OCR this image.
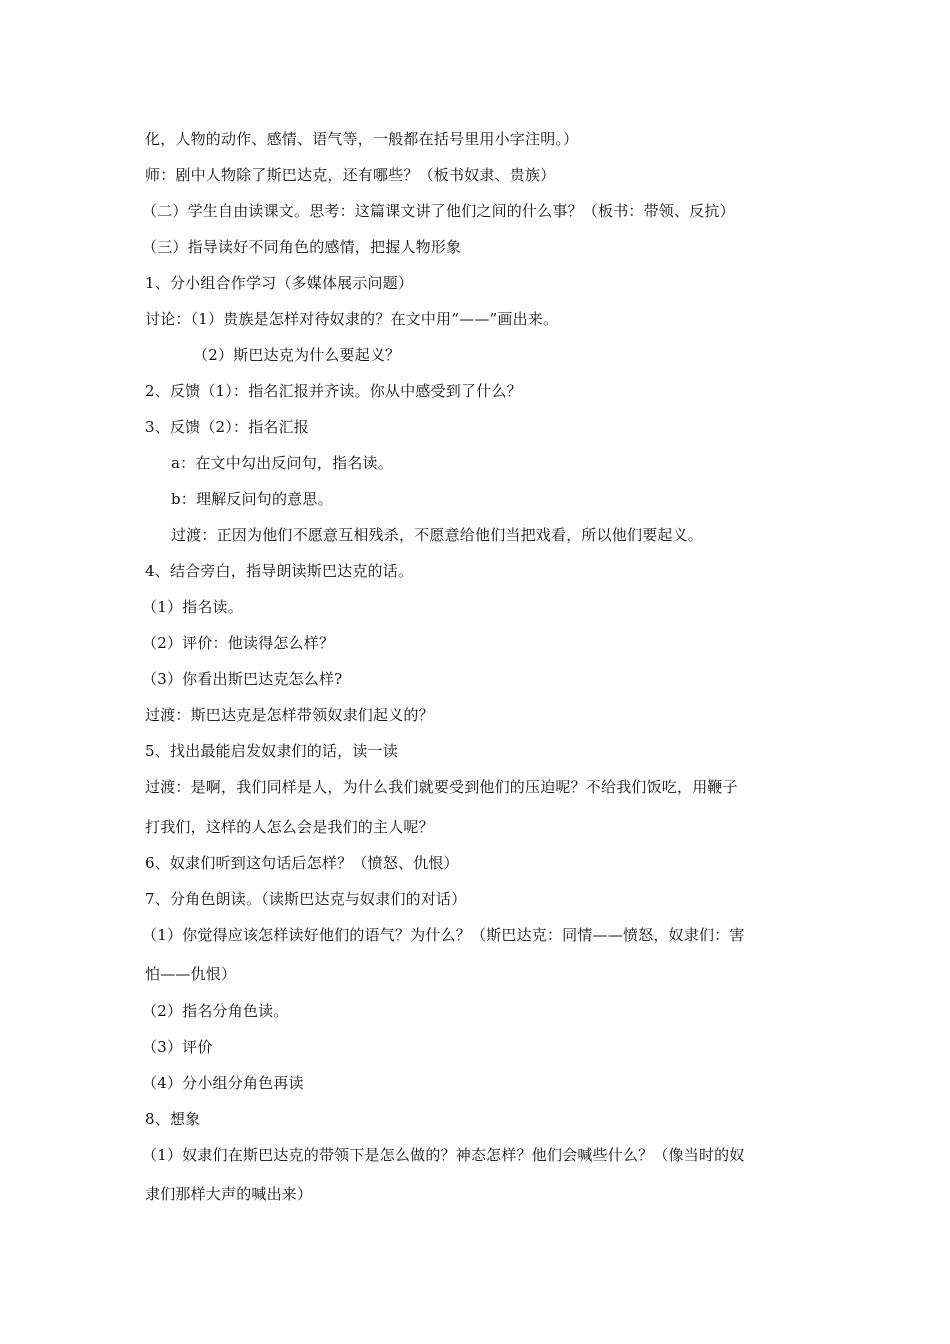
化，人物的动作、感情、语气等，一般都在括号里用小字注明。）
师：剧中人物除了斯巴达克，还有哪些？（板书奴隶、贵族）
（二）学生自由读课文。思考：这篇课文讲了他们之间的什么事？（板书：带领、反抗）
（三）指导读好不同角色的感情，把握人物形象
1、分小组合作学习（多媒体展示问题）
讨论：（1）贵族是怎样对待奴隶的？在文中用“——”画出来。
（2）斯巴达克为什么要起义？
2、反馈（1）：指名汇报并齐读。你从中感受到了什么？
3、反馈（2）：指名汇报
a：在文中勾出反问句，指名读。
b：理解反问句的意思。
过渡：正因为他们不愿意互相残杀，不愿意给他们当把戏看，所以他们要起义。
4、结合旁白，指导朗读斯巴达克的话。
（1）指名读。
（2）评价：他读得怎么样？
（3）你看出斯巴达克怎么样?
过渡：斯巴达克是怎样带领奴隶们起义的？
5、找出最能启发奴隶们的话，读一读
过渡：是啊，我们同样是人，为什么我们就要受到他们的压迫呢？不给我们饭吃，用鞭子
打我们，这样的人怎么会是我们的主人呢？
6、奴隶们听到这句话后怎样？（愤怒、仇恨）
7、分角色朗读。（读斯巴达克与奴隶们的对话）
（1）你觉得应该怎样读好他们的语气？为什么？（斯巴达克：同情——愤怒，奴隶们：害
怕——仇恨）
（2）指名分角色读。
（3）评价
（4）分小组分角色再读
8、想象
（1）奴隶们在斯巴达克的带领下是怎么做的？神态怎样？他们会喊些什么？（像当时的奴
隶们那样大声的喊出来）
